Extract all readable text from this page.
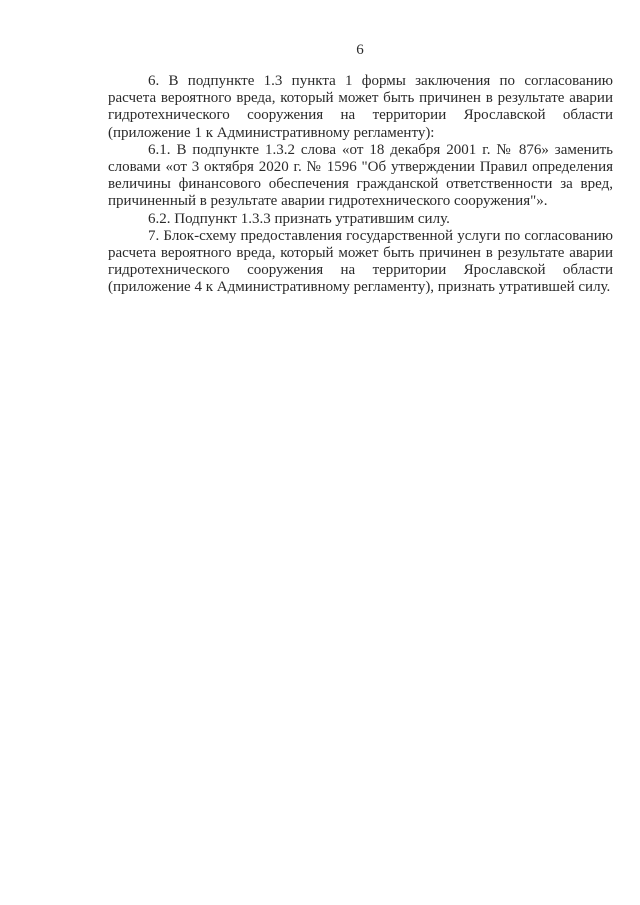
6

6. В подпункте 1.3 пункта 1 формы заключения по согласованию расчета вероятного вреда, который может быть причинен в результате аварии гидротехнического сооружения на территории Ярославской области (приложение 1 к Административному регламенту):

6.1. В подпункте 1.3.2 слова «от 18 декабря 2001 г. № 876» заменить словами «от 3 октября 2020 г. № 1596 "Об утверждении Правил определения величины финансового обеспечения гражданской ответственности за вред, причиненный в результате аварии гидротехнического сооружения"».

6.2. Подпункт 1.3.3 признать утратившим силу.

7. Блок-схему предоставления государственной услуги по согласованию расчета вероятного вреда, который может быть причинен в результате аварии гидротехнического сооружения на территории Ярославской области (приложение 4 к Административному регламенту), признать утратившей силу.
